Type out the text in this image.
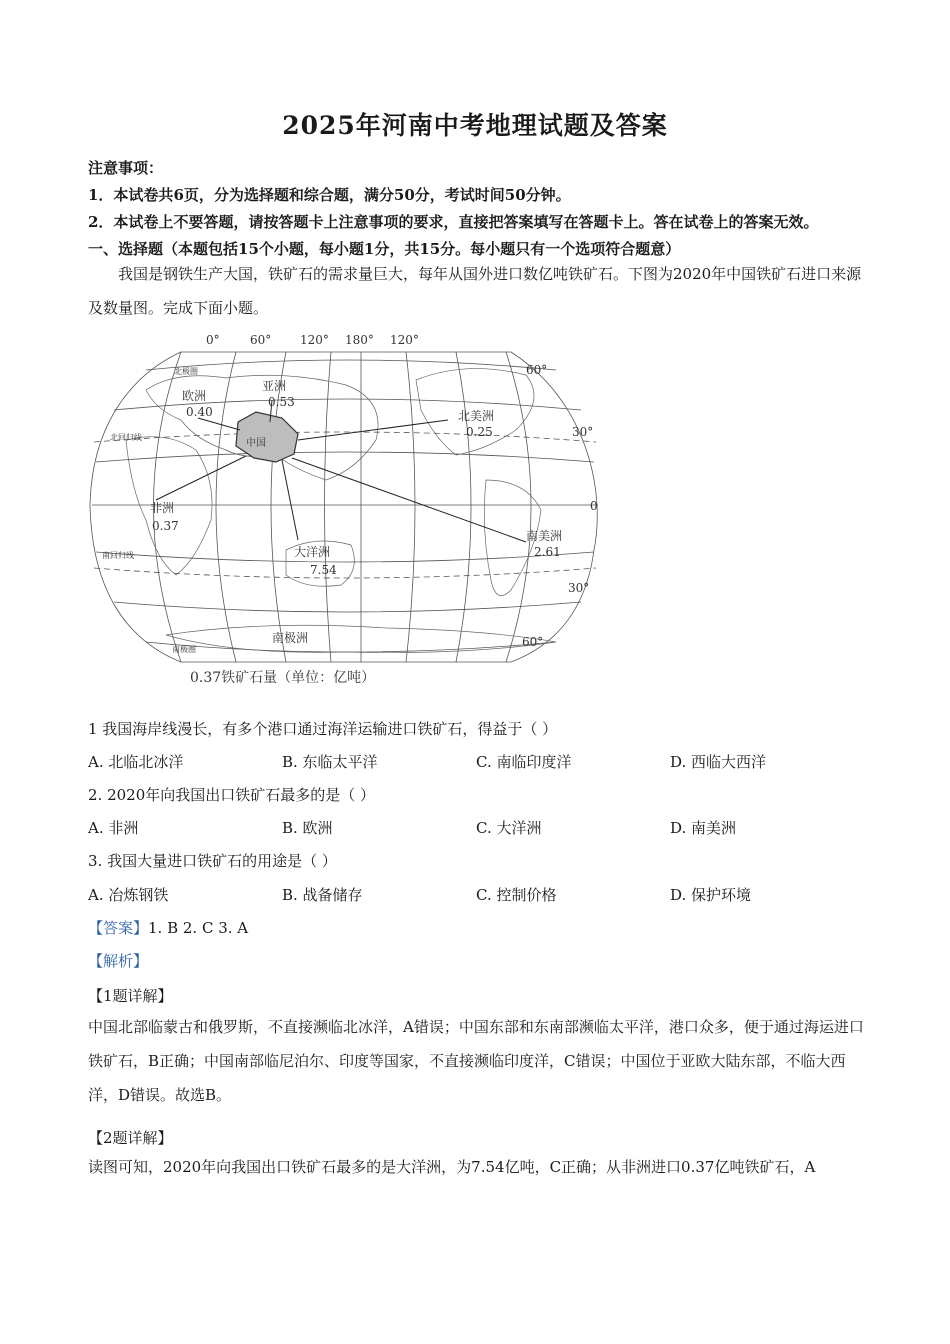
2025年河南中考地理试题及答案
注意事项：
1．本试卷共6页，分为选择题和综合题，满分50分，考试时间50分钟。
2．本试卷上不要答题，请按答题卡上注意事项的要求，直接把答案填写在答题卡上。答在试卷上的答案无效。
一、选择题（本题包括15个小题，每小题1分，共15分。每小题只有一个选项符合题意）
我国是钢铁生产大国，铁矿石的需求量巨大，每年从国外进口数亿吨铁矿石。下图为2020年中国铁矿石进口来源及数量图。完成下面小题。
0°	60° 120° 180° 120°
中国
亚洲
0.53
欧洲
0.40	北美洲
0.25
非洲
0.37
大洋洲
7.54
南美洲
2.61
北极圈
北回归线
南回归线
南极圈
南极洲
60°
30°
0
30°
60°
0.37铁矿石量（单位：亿吨）
1 我国海岸线漫长，有多个港口通过海洋运输进口铁矿石，得益于（ ）
A. 北临北冰洋	B. 东临太平洋	C. 南临印度洋	D. 西临大西洋
2. 2020年向我国出口铁矿石最多的是（ ）
A. 非洲	B. 欧洲	C. 大洋洲	D. 南美洲
3. 我国大量进口铁矿石的用途是（ ）
A. 冶炼钢铁	B. 战备储存	C. 控制价格	D. 保护环境
【答案】1. B 2. C 3. A
【解析】
【1题详解】
中国北部临蒙古和俄罗斯，不直接濒临北冰洋，A错误；中国东部和东南部濒临太平洋，港口众多，便于通过海运进口铁矿石，B正确；中国南部临尼泊尔、印度等国家，不直接濒临印度洋，C错误；中国位于亚欧大陆东部，不临大西洋，D错误。故选B。
【2题详解】
读图可知，2020年向我国出口铁矿石最多的是大洋洲，为7.54亿吨，C正确；从非洲进口0.37亿吨铁矿石，A
